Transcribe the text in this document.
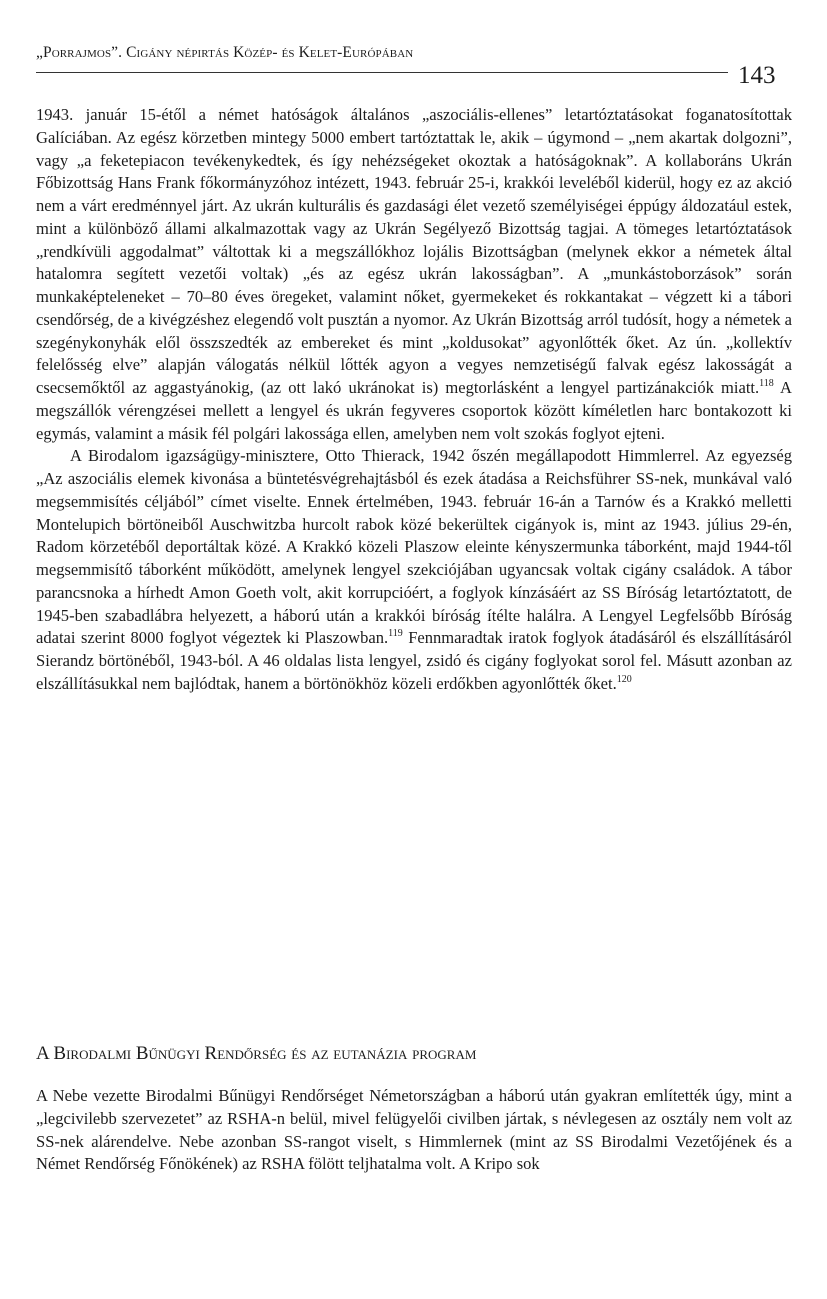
„Porrajmos”. Cigány népirtás Közép- és Kelet-Európában
143

1943. január 15-étől a német hatóságok általános „aszociális-ellenes” letartóztatásokat foganatosítottak Galíciában. Az egész körzetben mintegy 5000 embert tartóztattak le, akik – úgymond – „nem akartak dolgozni”, vagy „a feketepiacon tevékenykedtek, és így nehézségeket okoztak a hatóságoknak”. A kollaboráns Ukrán Főbizottság Hans Frank főkormányzóhoz intézett, 1943. február 25-i, krakkói leveléből kiderül, hogy ez az akció nem a várt eredménnyel járt. Az ukrán kulturális és gazdasági élet vezető személyiségei éppúgy áldozatául estek, mint a különböző állami alkalmazottak vagy az Ukrán Segélyező Bizottság tagjai. A tömeges letartóztatások „rendkívüli aggodalmat” váltottak ki a megszállókhoz lojális Bizottságban (melynek ekkor a németek által hatalomra segített vezetői voltak) „és az egész ukrán lakosságban”. A „munkástoborzások” során munkaképteleneket – 70–80 éves öregeket, valamint nőket, gyermekeket és rokkantakat – végzett ki a tábori csendőrség, de a kivégzéshez elegendő volt pusztán a nyomor. Az Ukrán Bizottság arról tudósít, hogy a németek a szegénykonyhák elől összszedték az embereket és mint „koldusokat” agyonlőtték őket. Az ún. „kollektív felelősség elve” alapján válogatás nélkül lőtték agyon a vegyes nemzetiségű falvak egész lakosságát a csecsemőktől az aggastyánokig, (az ott lakó ukránokat is) megtorlásként a lengyel partizánakciók miatt.$^{118}$ A megszállók vérengzései mellett a lengyel és ukrán fegyveres csoportok között kíméletlen harc bontakozott ki egymás, valamint a másik fél polgári lakossága ellen, amelyben nem volt szokás foglyot ejteni.

A Birodalom igazságügy-minisztere, Otto Thierack, 1942 őszén megállapodott Himmlerrel. Az egyezség „Az aszociális elemek kivonása a büntetésvégrehajtásból és ezek átadása a Reichsführer SS-nek, munkával való megsemmisítés céljából” címet viselte. Ennek értelmében, 1943. február 16-án a Tarnów és a Krakkó melletti Montelupich börtöneiből Auschwitzba hurcolt rabok közé bekerültek cigányok is, mint az 1943. július 29-én, Radom körzetéből deportáltak közé. A Krakkó közeli Plaszow eleinte kényszermunka táborként, majd 1944-től megsemmisítő táborként működött, amelynek lengyel szekciójában ugyancsak voltak cigány családok. A tábor parancsnoka a hírhedt Amon Goeth volt, akit korrupcióért, a foglyok kínzásáért az SS Bíróság letartóztatott, de 1945-ben szabadlábra helyezett, a háború után a krakkói bíróság ítélte halálra. A Lengyel Legfelsőbb Bíróság adatai szerint 8000 foglyot végeztek ki Plaszowban.$^{119}$ Fennmaradtak iratok foglyok átadásáról és elszállításáról Sierandz börtönéből, 1943-ból. A 46 oldalas lista lengyel, zsidó és cigány foglyokat sorol fel. Másutt azonban az elszállításukkal nem bajlódtak, hanem a börtönökhöz közeli erdőkben agyonlőtték őket.$^{120}$

A Birodalmi Bűnügyi Rendőrség és az eutanázia program

A Nebe vezette Birodalmi Bűnügyi Rendőrséget Németországban a háború után gyakran említették úgy, mint a „legcivilebb szervezetet” az RSHA-n belül, mivel felügyelői civilben jártak, s névlegesen az osztály nem volt az SS-nek alárendelve. Nebe azonban SS-rangot viselt, s Himmlernek (mint az SS Birodalmi Vezetőjének és a Német Rendőrség Főnökének) az RSHA fölött teljhatalma volt. A Kripo sok
